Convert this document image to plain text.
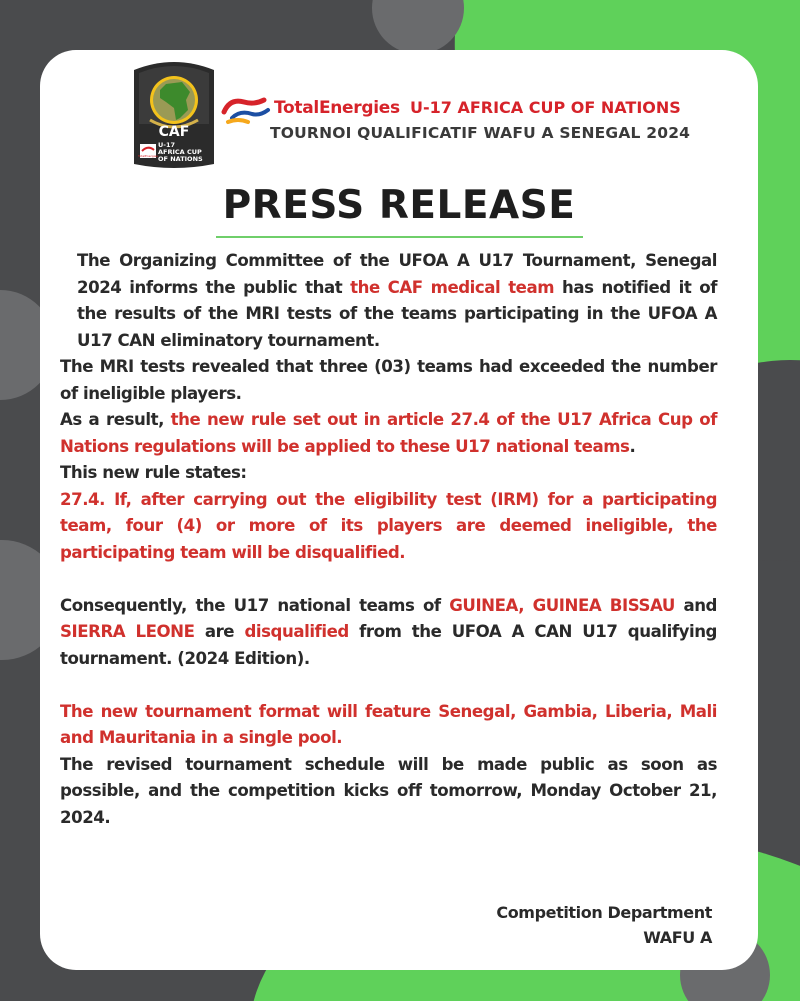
CAF
U-17
AFRICA CUP
OF NATIONS
TotalEnergies
TotalEnergies U-17 AFRICA CUP OF NATIONS
TOURNOI QUALIFICATIF WAFU A SENEGAL 2024
PRESS RELEASE

The Organizing Committee of the UFOA A U17 Tournament, Senegal 2024 informs the public that the CAF medical team has notified it of the results of the MRI tests of the teams participating in the UFOA A U17 CAN eliminatory tournament.

The MRI tests revealed that three (03) teams had exceeded the number of ineligible players.

As a result, the new rule set out in article 27.4 of the U17 Africa Cup of Nations regulations will be applied to these U17 national teams.

This new rule states:

27.4. If, after carrying out the eligibility test (IRM) for a participating team, four (4) or more of its players are deemed ineligible, the participating team will be disqualified.

Consequently, the U17 national teams of GUINEA, GUINEA BISSAU and SIERRA LEONE are disqualified from the UFOA A CAN U17 qualifying tournament. (2024 Edition).

The new tournament format will feature Senegal, Gambia, Liberia, Mali and Mauritania in a single pool.

The revised tournament schedule will be made public as soon as possible, and the competition kicks off tomorrow, Monday October 21, 2024.

Competition Department
WAFU A
